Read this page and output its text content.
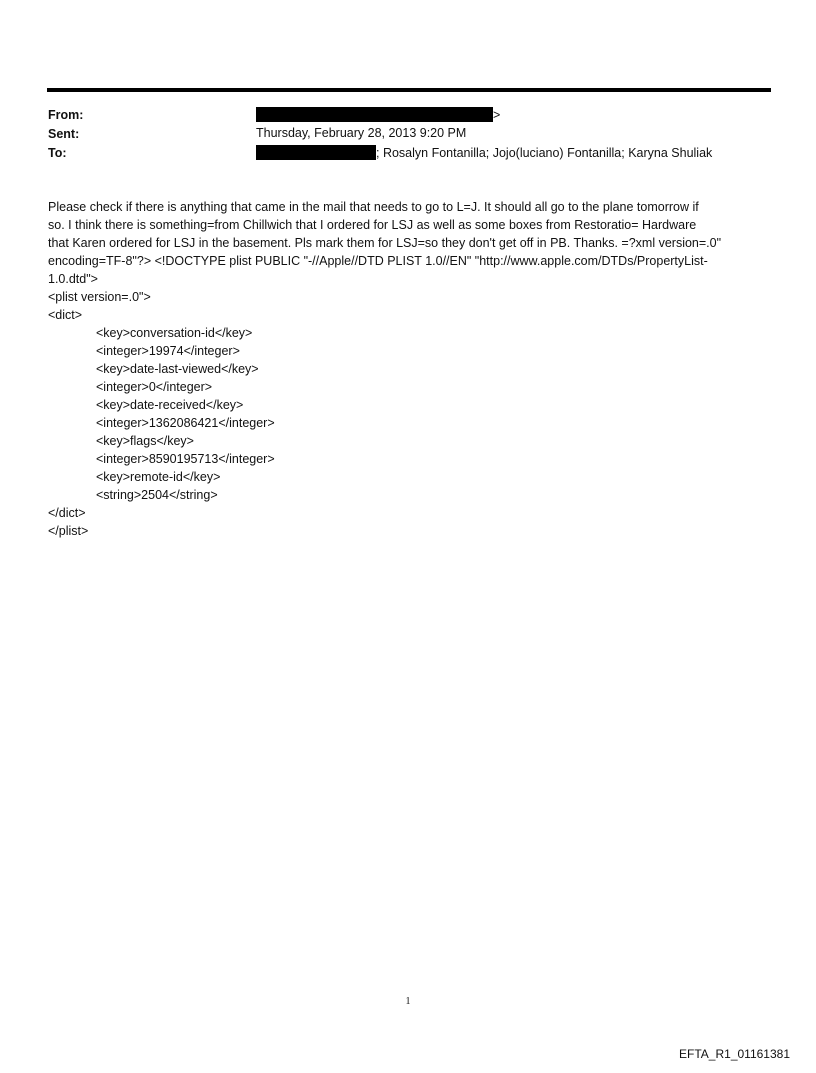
From:	>
Sent:	Thursday, February 28, 2013 9:20 PM
To:	; Rosalyn Fontanilla; Jojo(luciano) Fontanilla; Karyna Shuliak

Please check if there is anything that came in the mail that needs to go to L=J. It should all go to the plane tomorrow if

so. I think there is something=from Chillwich that I ordered for LSJ as well as some boxes from Restoratio= Hardware

that Karen ordered for LSJ in the basement. Pls mark them for LSJ=so they don't get off in PB. Thanks. =?xml version=.0"

encoding=TF-8"?> <!DOCTYPE plist PUBLIC "-//Apple//DTD PLIST 1.0//EN" "http://www.apple.com/DTDs/PropertyList-

1.0.dtd">

<plist version=.0">

<dict>

<key>conversation-id</key>

<integer>19974</integer>

<key>date-last-viewed</key>

<integer>0</integer>

<key>date-received</key>

<integer>1362086421</integer>

<key>flags</key>

<integer>8590195713</integer>

<key>remote-id</key>

<string>2504</string>

</dict>

</plist>

1
EFTA_R1_01161381
